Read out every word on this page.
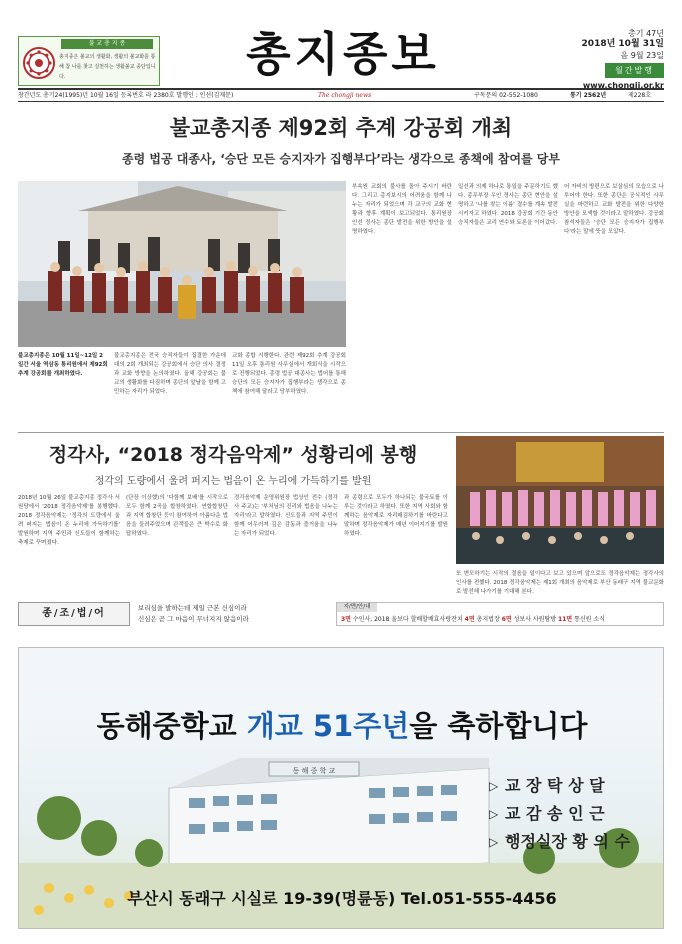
불 교 총 지 종
총지종은 불교의 생활화, 생활의 불교화를 통해 참 나를 찾고 실천하는 생활불교 종단입니다.	총지종보	총기 47년
2018년 10월 31일
음 9월 23일
월간발행
www.chongji.or.kr
창간년도 총기24(1995)년 10월 16일 등록번호 라 2380호 발행인 : 인선(김재문)	The chongji news	구독문의 02-552-1080	통기 2562년	제228호
불교총지종 제92회 추계 강공회 개최
종령 법공 대종사, ‘승단 모든 승지자가 집행부다’라는 생각으로 종책에 참여를 당부
불교총지종은 10월 11일~12일 2일간 서울 역삼동 통리원에서 제92회 추계 강공회를 개최하였다.
불교총지종은 전국 승직자들이 집결한 가운데 대의 2회 개최되는 강공회에서 승단 의사 결정과 교화 방향을 논의하였다. 올해 강공회는 불교의 생활화를 다짐하며 종단의 앞날을 함께 고민하는 자리가 되었다.
교화 종합 시행한다. 관련 제92회 추계 강공회 11일 오후 통리원 사무실에서 개회식을 시작으로 진행되었다. 종령 법공 대종사는 법어를 통해 승단의 모든 승지자가 집행부라는 생각으로 종책에 참여해 달라고 당부하였다.
부속원 교회의 불사를 돌아 주시기 바란다. 그리고 총지보시의 어려움을 함께 나누는 자리가 되었으며 각 교구의 교화 현황과 향후 계획이 보고되었다. 통리원장 인선 정사는 종단 발전을 위한 방안을 설명하였다.
일선과 의제 하나로 통일을 주문하기도 했다. 종무부장 우인 정사는 종단 현안을 설명하고 '나를 찾는 이름' 결수를 계속 발전시키자고 하였다. 2018 강공회 기간 동안 승직자들은 교리 연수와 토론을 이어갔다.
어 자비의 방편으로 보살심의 모습으로 나투어야 한다. 또한 종단은 공식적인 사무실을 마련하고 교화 발전을 위한 다양한 방안을 모색할 것이라고 말하였다. 강공회 참석자들은 '승단 모든 승지자가 집행부다'라는 말에 뜻을 모았다.
정각사, “2018 정각음악제” 성황리에 봉행
정각의 도량에서 울려 퍼지는 법음이 온 누리에 가득하기를 발원
2018년 10월 26일 불교총지종 정각사 서원당에서 '2018 정각음악제'를 봉행했다. 2018 정각음악제는 '정각의 도량에서 울려 퍼지는 법음이 온 누리에 가득하기를' 발원하며 지역 주민과 신도들이 함께하는 축제로 꾸며졌다.
(단장 이상했)의 '다함께 보배'를 시작으로 모두 함께 2곡을 합창하였다. 연합합창단과 지역 합창단 등이 참여하여 아름다운 법음을 들려주었으며 관객들은 큰 박수로 화답하였다.
정각음악제 운영위원장 법상인 전수 (정각사 주교)는 '부처님의 진리와 법음을 나누는 자리'라고 말하였다. 신도들과 지역 주민이 함께 어우러져 깊은 감동과 즐거움을 나누는 자리가 되었다.
과 종령으로 모두가 하나되는 불국토를 이루는 것이라고 하였다. 또한 지역 사회와 함께하는 음악제로 자리매김하기를 바란다고 말하며 정각음악제가 매년 이어지기를 발원하였다.
또 변모하기는 시작의 결음을 일이다고 보고 있으며 앞으로도 정각음악제는 정각사의 인사를 전했다. 2018 정각음악제는 제1회 개최의 음악제로 부산 동래구 지역 불교문화로 발전해 나가기를 기대해 본다.
종/조/법/어	보리심을 발하는데 제일 근본 신심이라
신심은 곧 그 마음이 무너지지 않음이라
지/면/안/내
3면 수인사, 2018 울보다 할배할배효사랑잔치 4면 총지법장 6면 성보사 사원탐방 11면 통신원 소식
동 해 중 학 교
동해중학교 개교 51주년을 축하합니다
▷ 교 장 탁 상 달
▷ 교 감 송 인 근
▷ 행정실장 황 의 수
부산시 동래구 시실로 19-39(명륜동) Tel.051-555-4456
